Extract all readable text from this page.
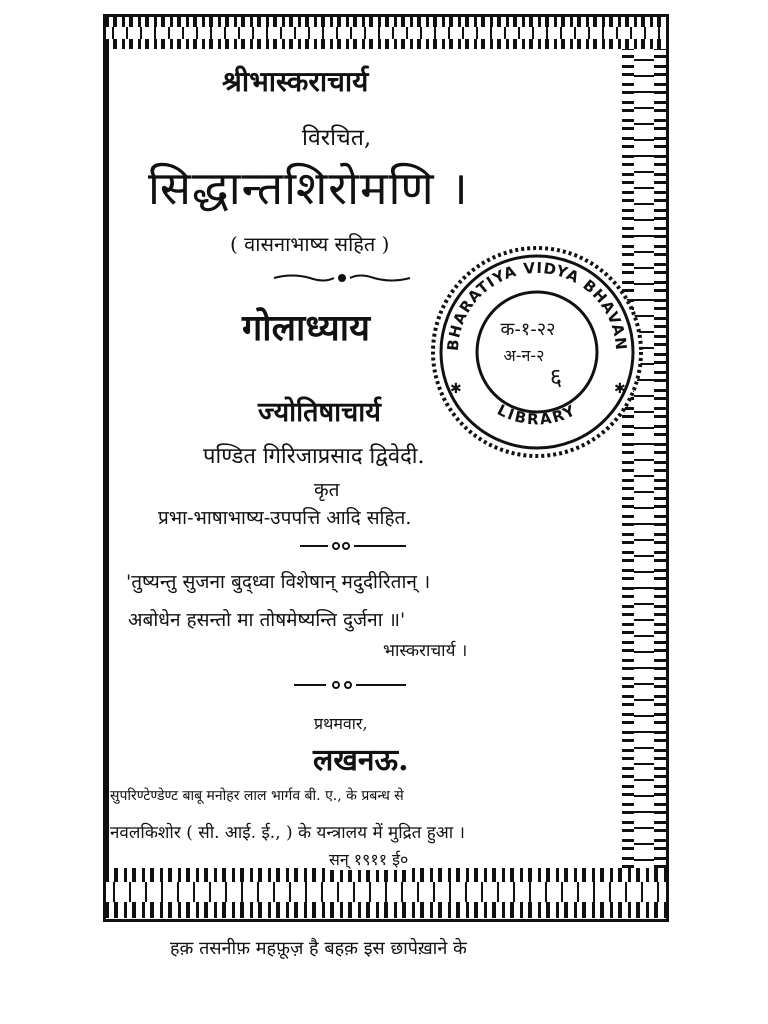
श्रीभास्कराचार्य
विरचित,
सिद्धान्तशिरोमणि ।
( वासनाभाष्य सहित )
गोलाध्याय
ज्योतिषाचार्य
पण्डित गिरिजाप्रसाद द्विवेदी.
कृत
प्रभा-भाषाभाष्य-उपपत्ति आदि सहित.
'तुष्यन्तु सुजना बुद्ध्वा विशेषान् मदुदीरितान् ।
अबोधेन हसन्तो मा तोषमेष्यन्ति दुर्जना ॥'
भास्कराचार्य ।
प्रथमवार,
लखनऊ.
सुपरिण्टेण्डेण्ट बाबू मनोहर लाल भार्गव बी. ए., के प्रबन्ध से
नवलकिशोर ( सी. आई. ई., ) के यन्त्रालय में मुद्रित हुआ ।
सन् १९११ ई०
हक़ तसनीफ़ महफ़ूज़ है बहक़ इस छापेख़ाने के
BHARATIYA VIDYA BHAVAN
LIBRARY
✱	✱
क-१-२२
अ-न-२
६
